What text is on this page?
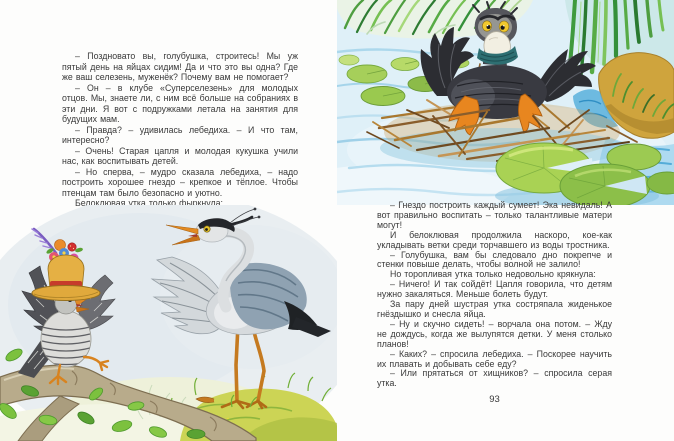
– Поздновато вы, голубушка, строитесь! Мы уж пятый день на яйцах сидим! Да и что это вы одна? Где же ваш селезень, муженёк? Почему вам не помогает?

– Он – в клубе «Суперселезень» для молодых отцов. Мы, знаете ли, с ним всё больше на собраниях в эти дни. Я вот с подружками летала на занятия для будущих мам.

– Правда? – удивилась лебедиха. – И что там, интересно?

– Очень! Старая цапля и молодая кукушка учили нас, как воспитывать детей.

– Но сперва, – мудро сказала лебедиха, – надо построить хорошее гнездо – крепкое и тёплое. Чтобы птенцам там было безопасно и уютно.

Белоклювая утка только фыркнула:	– Гнездо построить каждый сумеет! Эка невидаль! А вот правильно воспитать – только талантливые матери могут!

И белоклювая продолжила наскоро, кое-как укладывать ветки среди торчавшего из воды тростника.

– Голубушка, вам бы следовало дно покрепче и стенки повыше делать, чтобы волной не залило!

Но торопливая утка только недовольно крякнула:

– Ничего! И так сойдёт! Цапля говорила, что детям нужно закаляться. Меньше болеть будут.

За пару дней шустрая утка состряпала жиденькое гнёздышко и снесла яйца.

– Ну и скучно сидеть! – ворчала она потом. – Жду не дождусь, когда же вылупятся детки. У меня столько планов!

– Каких? – спросила лебедиха. – Поскорее научить их плавать и добывать себе еду?

– Или прятаться от хищников? – спросила серая утка.

93
